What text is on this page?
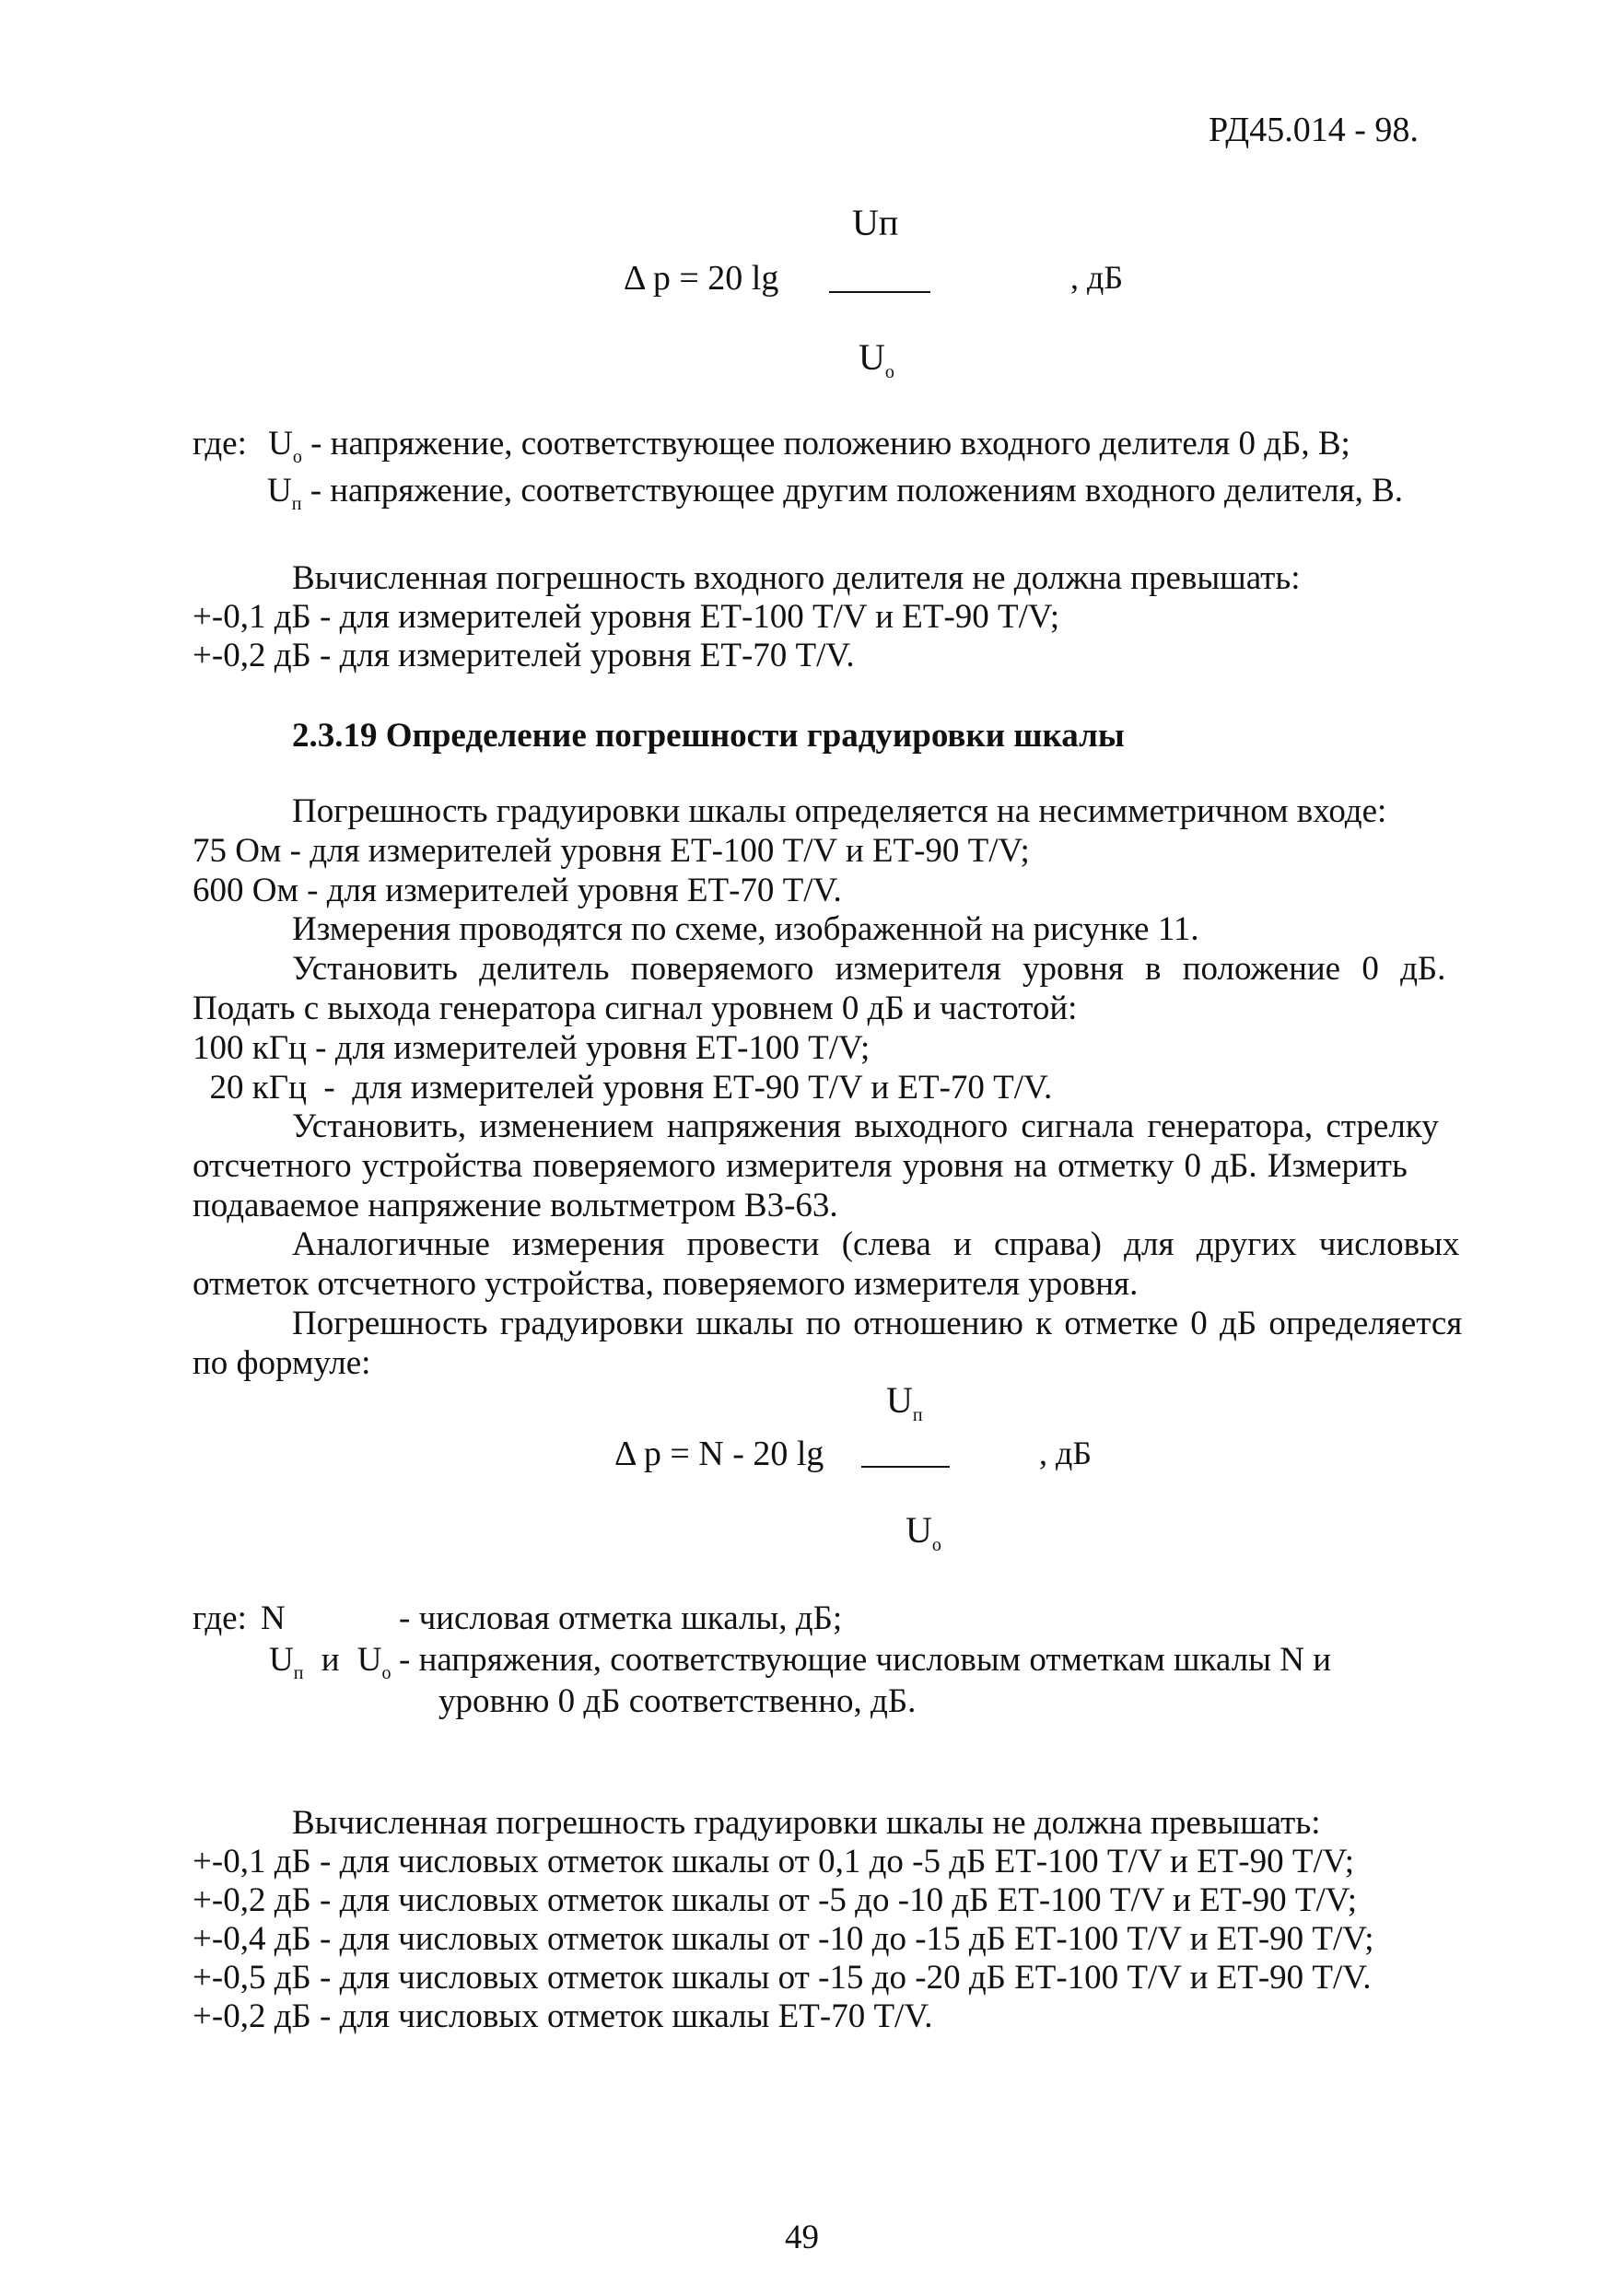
РД45.014 - 98.
Uп
Δ p = 20 lg	, дБ
$U_o$
где: $U_o$ - напряжение, соответствующее положению входного делителя 0 дБ, В;
$U_п$ - напряжение, соответствующее другим положениям входного делителя, В.
Вычисленная погрешность входного делителя не должна превышать:
+-0,1 дБ - для измерителей уровня ЕТ-100 T/V и ЕТ-90 T/V;
+-0,2 дБ - для измерителей уровня ЕТ-70 T/V.
2.3.19 Определение погрешности градуировки шкалы
Погрешность градуировки шкалы определяется на несимметричном входе:
75 Ом - для измерителей уровня ЕТ-100 T/V и ЕТ-90 T/V;
600 Ом - для измерителей уровня ЕТ-70 T/V.
Измерения проводятся по схеме, изображенной на рисунке 11.
Установить делитель поверяемого измерителя уровня в положение 0 дБ.
Подать с выхода генератора сигнал уровнем 0 дБ и частотой:
100 кГц - для измерителей уровня ЕТ-100 T/V;
20 кГц  -  для измерителей уровня ЕТ-90 T/V и ЕТ-70 T/V.
Установить, изменением напряжения выходного сигнала генератора, стрелку
отсчетного устройства поверяемого измерителя уровня на отметку 0 дБ. Измерить
подаваемое напряжение вольтметром В3-63.
Аналогичные измерения провести (слева и справа) для других числовых
отметок отсчетного устройства, поверяемого измерителя уровня.
Погрешность градуировки шкалы по отношению к отметке 0 дБ определяется
по формуле:
$U_п$
Δ p = N - 20 lg	, дБ
$U_o$
где: N	- числовая отметка шкалы, дБ;
$U_п$ и $U_o$ - напряжения, соответствующие числовым отметкам шкалы N и
уровню 0 дБ соответственно, дБ.
Вычисленная погрешность градуировки шкалы не должна превышать:
+-0,1 дБ - для числовых отметок шкалы от 0,1 до -5 дБ ЕТ-100 T/V и ЕТ-90 T/V;
+-0,2 дБ - для числовых отметок шкалы от -5 до -10 дБ ЕТ-100 T/V и ЕТ-90 T/V;
+-0,4 дБ - для числовых отметок шкалы от -10 до -15 дБ ЕТ-100 T/V и ЕТ-90 T/V;
+-0,5 дБ - для числовых отметок шкалы от -15 до -20 дБ ЕТ-100 T/V и ЕТ-90 T/V.
+-0,2 дБ - для числовых отметок шкалы ЕТ-70 T/V.
49
